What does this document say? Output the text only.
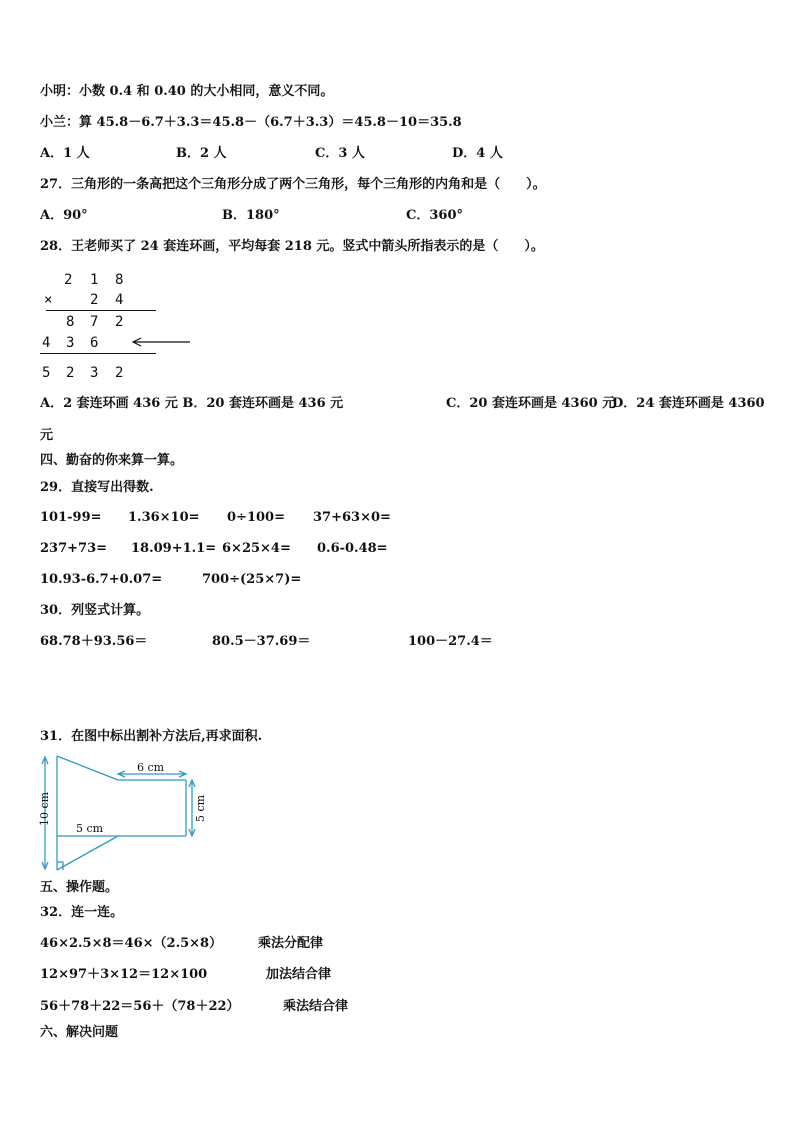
小明：小数 0.4 和 0.40 的大小相同，意义不同。
小兰：算 45.8－6.7＋3.3＝45.8－（6.7＋3.3）＝45.8－10＝35.8
A．1 人	B．2 人	C．3 人	D．4 人
27．三角形的一条高把这个三角形分成了两个三角形，每个三角形的内角和是（　　）。
A．90°	B．180°	C．360°
28．王老师买了 24 套连环画，平均每套 218 元。竖式中箭头所指表示的是（　　）。
2 1 8
×	2 4
8 7 2
4 3 6
5 2 3 2
A．2 套连环画 436 元 B．20 套连环画是 436 元	C．20 套连环画是 4360 元
D．24 套连环画是 4360
元
四、勤奋的你来算一算。
29．直接写出得数.
101-99= 1.36×10= 0÷100= 37+63×0=
237+73= 18.09+1.1= 6×25×4= 0.6-0.48=
10.93-6.7+0.07=	700÷(25×7)=
30．列竖式计算。
68.78＋93.56＝	80.5－37.69＝	100－27.4＝
31．在图中标出割补方法后,再求面积.
6 cm
5 cm
10 cm	5 cm
五、操作题。
32．连一连。
46×2.5×8＝46×（2.5×8）	乘法分配律
12×97＋3×12＝12×100	加法结合律
56＋78＋22＝56＋（78＋22）	乘法结合律
六、解决问题
